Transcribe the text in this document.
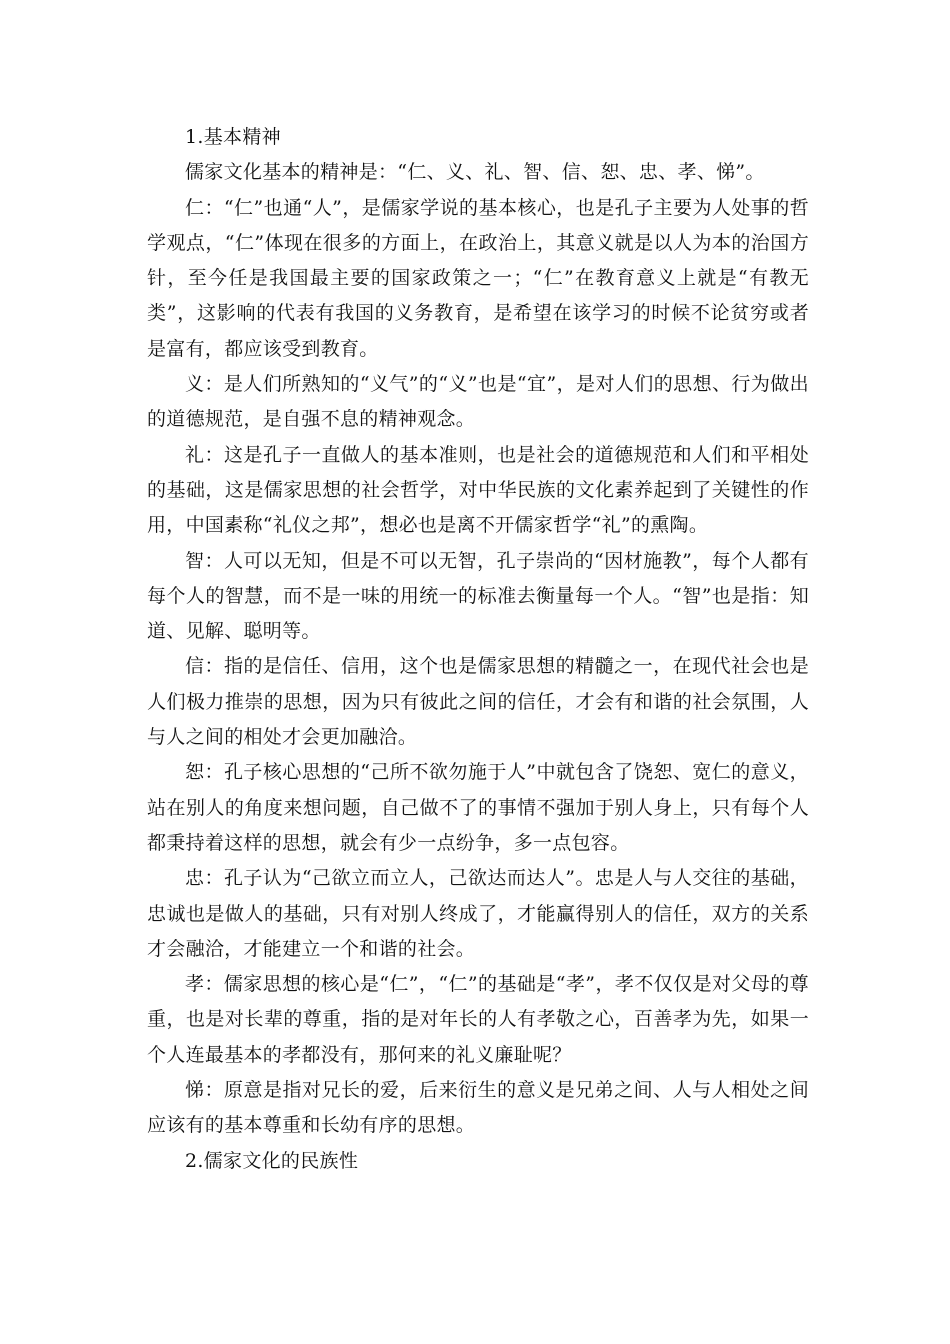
1.基本精神

儒家文化基本的精神是：“仁、义、礼、智、信、恕、忠、孝、悌”。

仁：“仁”也通“人”，是儒家学说的基本核心，也是孔子主要为人处事的哲学观点，“仁”体现在很多的方面上，在政治上，其意义就是以人为本的治国方针，至今任是我国最主要的国家政策之一；“仁”在教育意义上就是“有教无类”，这影响的代表有我国的义务教育，是希望在该学习的时候不论贫穷或者是富有，都应该受到教育。

义：是人们所熟知的“义气”的“义”也是“宜”，是对人们的思想、行为做出的道德规范，是自强不息的精神观念。

礼：这是孔子一直做人的基本准则，也是社会的道德规范和人们和平相处的基础，这是儒家思想的社会哲学，对中华民族的文化素养起到了关键性的作用，中国素称“礼仪之邦”，想必也是离不开儒家哲学“礼”的熏陶。

智：人可以无知，但是不可以无智，孔子崇尚的“因材施教”，每个人都有每个人的智慧，而不是一味的用统一的标准去衡量每一个人。“智”也是指：知道、见解、聪明等。

信：指的是信任、信用，这个也是儒家思想的精髓之一，在现代社会也是人们极力推崇的思想，因为只有彼此之间的信任，才会有和谐的社会氛围，人与人之间的相处才会更加融洽。

恕：孔子核心思想的“己所不欲勿施于人”中就包含了饶恕、宽仁的意义，站在别人的角度来想问题，自己做不了的事情不强加于别人身上，只有每个人都秉持着这样的思想，就会有少一点纷争，多一点包容。

忠：孔子认为“己欲立而立人，己欲达而达人”。忠是人与人交往的基础，忠诚也是做人的基础，只有对别人终成了，才能赢得别人的信任，双方的关系才会融洽，才能建立一个和谐的社会。

孝：儒家思想的核心是“仁”，“仁”的基础是“孝”，孝不仅仅是对父母的尊重，也是对长辈的尊重，指的是对年长的人有孝敬之心，百善孝为先，如果一个人连最基本的孝都没有，那何来的礼义廉耻呢？

悌：原意是指对兄长的爱，后来衍生的意义是兄弟之间、人与人相处之间应该有的基本尊重和长幼有序的思想。

2.儒家文化的民族性
